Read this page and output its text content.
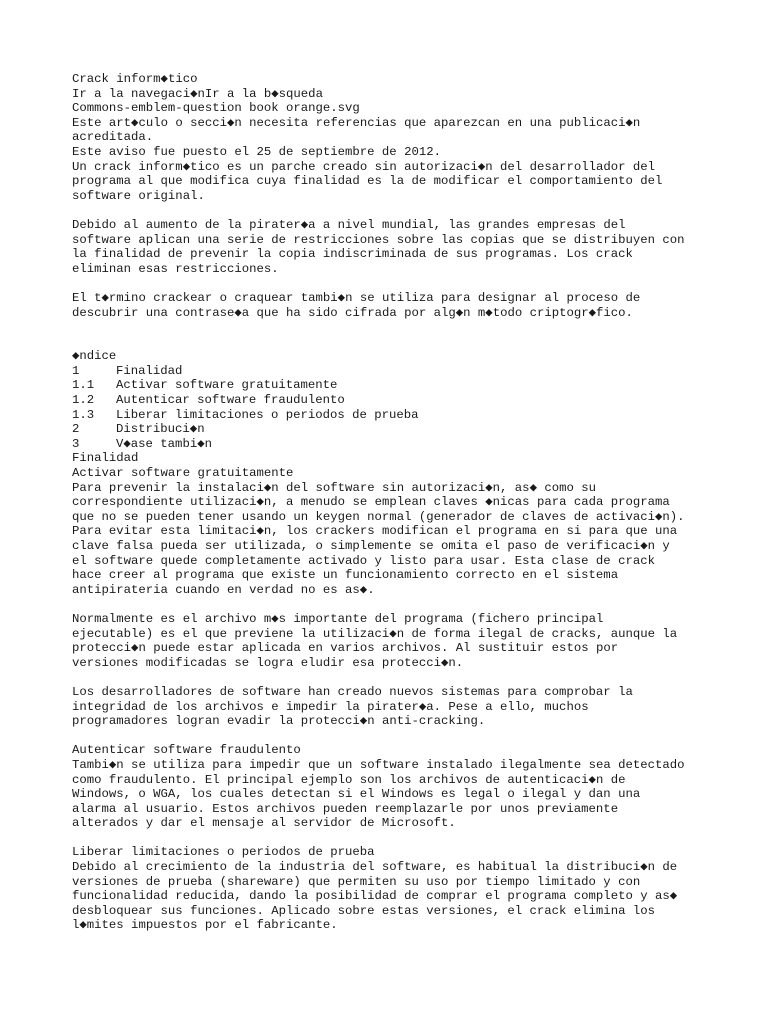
Crack inform◆tico
Ir a la navegaci◆nIr a la b◆squeda
Commons-emblem-question book orange.svg
Este art◆culo o secci◆n necesita referencias que aparezcan en una publicaci◆n
acreditada.
Este aviso fue puesto el 25 de septiembre de 2012.
Un crack inform◆tico es un parche creado sin autorizaci◆n del desarrollador del
programa al que modifica cuya finalidad es la de modificar el comportamiento del
software original.
Debido al aumento de la pirater◆a a nivel mundial, las grandes empresas del
software aplican una serie de restricciones sobre las copias que se distribuyen con
la finalidad de prevenir la copia indiscriminada de sus programas. Los crack
eliminan esas restricciones.
El t◆rmino crackear o craquear tambi◆n se utiliza para designar al proceso de
descubrir una contrase◆a que ha sido cifrada por alg◆n m◆todo criptogr◆fico.
◆ndice
1	Finalidad
1.1 Activar software gratuitamente
1.2 Autenticar software fraudulento
1.3 Liberar limitaciones o periodos de prueba
2	Distribuci◆n
3	V◆ase tambi◆n
Finalidad
Activar software gratuitamente
Para prevenir la instalaci◆n del software sin autorizaci◆n, as◆ como su
correspondiente utilizaci◆n, a menudo se emplean claves ◆nicas para cada programa
que no se pueden tener usando un keygen normal (generador de claves de activaci◆n).
Para evitar esta limitaci◆n, los crackers modifican el programa en si para que una
clave falsa pueda ser utilizada, o simplemente se omita el paso de verificaci◆n y
el software quede completamente activado y listo para usar. Esta clase de crack
hace creer al programa que existe un funcionamiento correcto en el sistema
antipirateria cuando en verdad no es as◆.
Normalmente es el archivo m◆s importante del programa (fichero principal
ejecutable) es el que previene la utilizaci◆n de forma ilegal de cracks, aunque la
protecci◆n puede estar aplicada en varios archivos. Al sustituir estos por
versiones modificadas se logra eludir esa protecci◆n.
Los desarrolladores de software han creado nuevos sistemas para comprobar la
integridad de los archivos e impedir la pirater◆a. Pese a ello, muchos
programadores logran evadir la protecci◆n anti-cracking.
Autenticar software fraudulento
Tambi◆n se utiliza para impedir que un software instalado ilegalmente sea detectado
como fraudulento. El principal ejemplo son los archivos de autenticaci◆n de
Windows, o WGA, los cuales detectan si el Windows es legal o ilegal y dan una
alarma al usuario. Estos archivos pueden reemplazarle por unos previamente
alterados y dar el mensaje al servidor de Microsoft.
Liberar limitaciones o periodos de prueba
Debido al crecimiento de la industria del software, es habitual la distribuci◆n de
versiones de prueba (shareware) que permiten su uso por tiempo limitado y con
funcionalidad reducida, dando la posibilidad de comprar el programa completo y as◆
desbloquear sus funciones. Aplicado sobre estas versiones, el crack elimina los
l◆mites impuestos por el fabricante.
